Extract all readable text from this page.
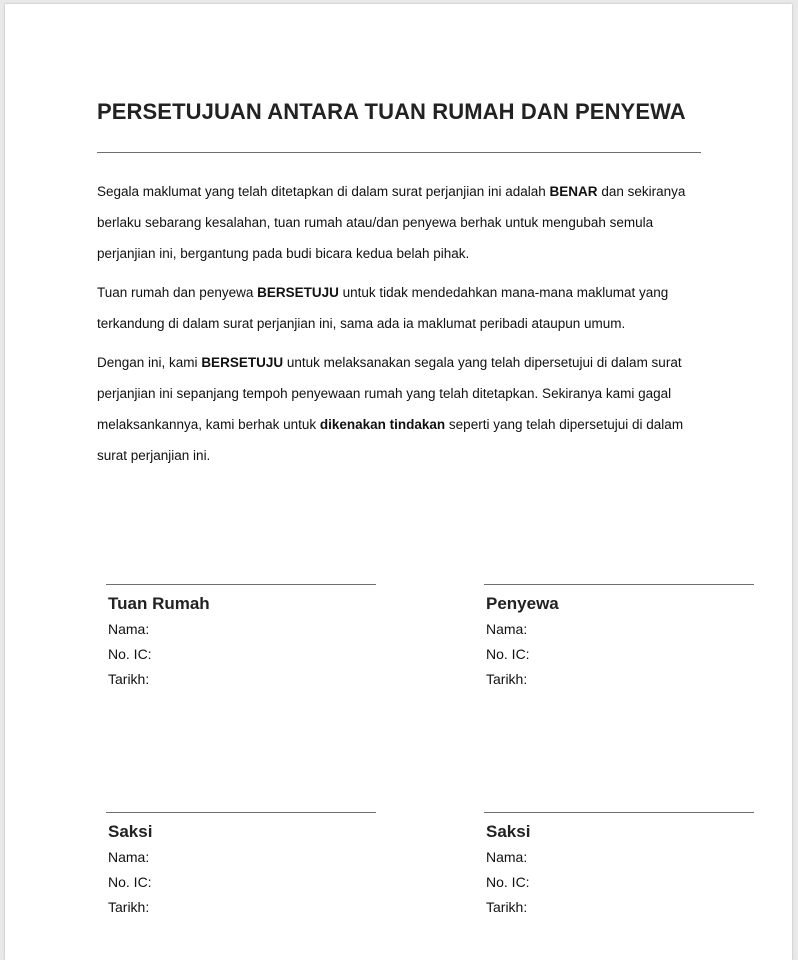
PERSETUJUAN ANTARA TUAN RUMAH DAN PENYEWA

Segala maklumat yang telah ditetapkan di dalam surat perjanjian ini adalah BENAR dan sekiranya berlaku sebarang kesalahan, tuan rumah atau/dan penyewa berhak untuk mengubah semula perjanjian ini, bergantung pada budi bicara kedua belah pihak.

Tuan rumah dan penyewa BERSETUJU untuk tidak mendedahkan mana-mana maklumat yang terkandung di dalam surat perjanjian ini, sama ada ia maklumat peribadi ataupun umum.

Dengan ini, kami BERSETUJU untuk melaksanakan segala yang telah dipersetujui di dalam surat perjanjian ini sepanjang tempoh penyewaan rumah yang telah ditetapkan. Sekiranya kami gagal melaksankannya, kami berhak untuk dikenakan tindakan seperti yang telah dipersetujui di dalam surat perjanjian ini.

Tuan Rumah
Nama:
No. IC:
Tarikh:
Penyewa
Nama:
No. IC:
Tarikh:
Saksi
Nama:
No. IC:
Tarikh:
Saksi
Nama:
No. IC:
Tarikh:
